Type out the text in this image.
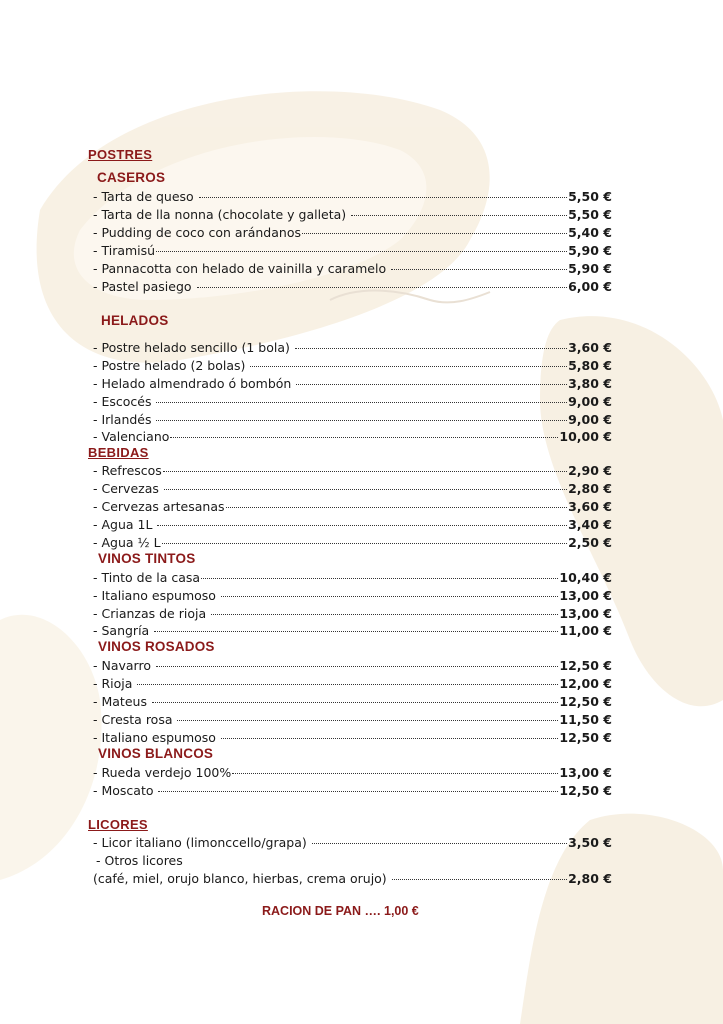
POSTRES
CASEROS
- Tarta de queso	5,50 €
- Tarta de lla nonna (chocolate y galleta)	5,50 €
- Pudding de coco con arándanos	5,40 €
- Tiramisú	5,90 €
- Pannacotta con helado de vainilla y caramelo	5,90 €
- Pastel pasiego	6,00 €
HELADOS
- Postre helado sencillo (1 bola)	3,60 €
- Postre helado (2 bolas)	5,80 €
- Helado almendrado ó bombón	3,80 €
- Escocés	9,00 €
- Irlandés	9,00 €
- Valenciano	10,00 €
BEBIDAS
- Refrescos	2,90 €
- Cervezas	2,80 €
- Cervezas artesanas	3,60 €
- Agua 1L	3,40 €
- Agua ½ L	2,50 €
VINOS TINTOS
- Tinto de la casa	10,40 €
- Italiano espumoso	13,00 €
- Crianzas de rioja	13,00 €
- Sangría	11,00 €
VINOS ROSADOS
- Navarro	12,50 €
- Rioja	12,00 €
- Mateus	12,50 €
- Cresta rosa	11,50 €
- Italiano espumoso	12,50 €
VINOS BLANCOS
- Rueda verdejo 100%	13,00 €
- Moscato	12,50 €
LICORES
- Licor italiano (limonccello/grapa)	3,50 €
- Otros licores
(café, miel, orujo blanco, hierbas, crema orujo)	2,80 €
RACION DE PAN …. 1,00 €
